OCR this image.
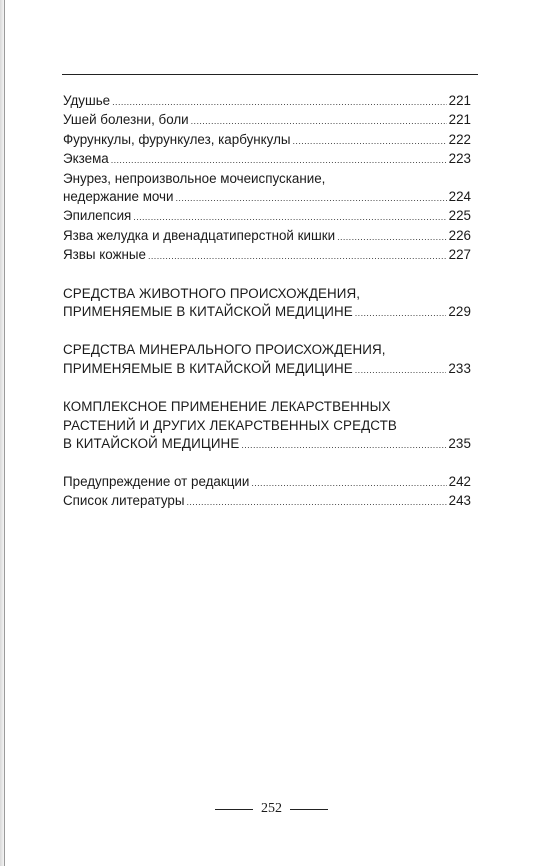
Удушье .....	221
Ушей болезни, боли .....	221
Фурункулы, фурункулез, карбункулы .....	222
Экзема .....	223
Энурез, непроизвольное мочеиспускание,
недержание мочи .....	224
Эпилепсия .....	225
Язва желудка и двенадцатиперстной кишки .....	226
Язвы кожные .....	227
СРЕДСТВА ЖИВОТНОГО ПРОИСХОЖДЕНИЯ,
ПРИМЕНЯЕМЫЕ В КИТАЙСКОЙ МЕДИЦИНЕ .....	229
СРЕДСТВА МИНЕРАЛЬНОГО ПРОИСХОЖДЕНИЯ,
ПРИМЕНЯЕМЫЕ В КИТАЙСКОЙ МЕДИЦИНЕ .....	233
КОМПЛЕКСНОЕ ПРИМЕНЕНИЕ ЛЕКАРСТВЕННЫХ
РАСТЕНИЙ И ДРУГИХ ЛЕКАРСТВЕННЫХ СРЕДСТВ
В КИТАЙСКОЙ МЕДИЦИНЕ .....	235
Предупреждение от редакции .....	242
Список литературы .....	243
252
